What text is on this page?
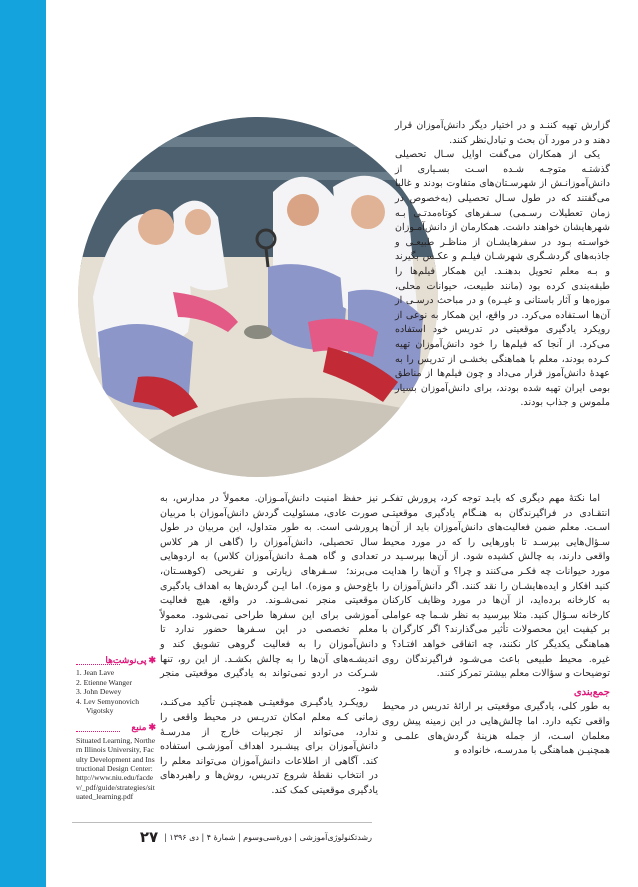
گزارش تهیه کننـد و در اختیار دیگر دانش‌آموزان قرار دهند و در مورد آن بحث و تبادل‌نظر کنند.

یکی از همکاران می‌گفت اوایل سـال تحصیلی گذشتـه متوجـه شـده اسـت بسـیاری از دانش‌آموزانـش از شهرسـتان‌های متفاوت بودند و غالبا می‌گفتند که در طول سـال تحصیلی (به‌خصوص در زمان تعطیلات رسـمی) سـفرهای کوتاه‌مدتـی بـه شهرهایشان خواهند داشت. همکارمان از دانش‌آمـوزان خواسـته بـود در سفرهایشـان از مناظـر طبیعـی و جاذبه‌های گردشـگری شهرشـان فیلـم و عکـس بگیرند و بـه معلم تحویل بدهنـد. این همکار فیلم‌ها را طبقه‌بندی کرده بود (مانند طبیعت، حیوانات محلی، موزه‌ها و آثار باستانی و غیـره) و در مباحث درسـی از آن‌ها اسـتفاده می‌کرد. در واقع، این همکار به نوعی از رویکرد یادگیری موقعیتی در تدریس خود استفاده می‌کرد. از آنجا که فیلم‌ها را خود دانش‌آموزان تهیه کـرده بودند، معلم با هماهنگی بخشـی از تدریس را به عهدۀ دانش‌آموز قرار می‌داد و چون فیلم‌ها از مناطق بومی ایران تهیه شده بودند، برای دانش‌آموزان بسیار ملموس و جذاب بودند.

اما نکتۀ مهم دیگری که بایـد توجه کرد، پرورش تفکـر انتقـادی در فراگیرندگان به هنـگام یادگیری موقعیتـی اسـت. معلم ضمن فعالیت‌های دانش‌آموزان باید از آن‌ها سـؤال‌هایی بپرسـد تا باورهایی را که در مورد محیط واقعی دارند، به چالش کشیده شود. از آن‌ها بپرسـید در مورد حیوانات چه فکـر می‌کنند و چرا؟ و آن‌ها را هدایت کنید افکار و ایده‌هایشـان را نقد کنند. اگر دانش‌آموزان را به کارخانه برده‌اید، از آن‌ها در مورد وظایف کارکنان کارخانه سـؤال کنید. مثلا بپرسید به نظر شـما چه عواملی بر کیفیت این محصولات تأثیر می‌گذارند؟ اگر کارگران با هماهنگی یکدیگر کار نکنند، چه اتفاقی خواهد افتـاد؟ و غیره. محیط طبیعی باعث می‌شـود فراگیرندگان روی توضیحات و سؤالات معلم بیشتر تمرکز کنند.

جمع‌بندی

به طور کلی، یادگیری موقعیتی بر ارائۀ تدریس در محیط واقعی تکیه دارد. اما چالش‌هایی در این زمینه پیش روی معلمان اسـت، از جمله هزینۀ گردش‌های علمـی و همچنیـن هماهنگی با مدرسـه، خانواده و

نیز حفظ امنیت دانش‌آمـوزان. معمولاً در مدارس، به صورت عادی، مسئولیت گردش دانش‌آموزان با مربیان پرورشی است. به طور متداول، این مربیان در طول سال تحصیلی، دانش‌آموزان را (گاهی از هر کلاس تعدادی و گاه همـۀ دانش‌آموزان کلاس) به اردوهایی می‌برند؛ سـفرهای زیارتی و تفریحی (کوهسـتان، باغ‌وحش و موزه). اما ایـن گردش‌ها به اهداف یادگیری موقعیتی منجر نمی‌شـوند. در واقع، هیچ فعالیت آموزشی برای این سفرها طراحی نمی‌شود. معمولاً معلم تخصصی در این سـفرها حضور ندارد تا دانش‌آموزان را به فعالیت گروهی تشویق کند و اندیشـه‌های آن‌ها را به چالش بکشـد. از این رو، تنها شـرکت در اردو نمی‌تواند به یادگیری موقعیتی منجر شود.

رویکـرد یادگیـری موقعیتـی همچنیـن تأکید می‌کنـد، زمانی کـه معلم امکان تدریـس در محیط واقعی را ندارد، می‌تواند از تجربیات خارج از مدرسـۀ دانش‌آموزان برای پیشـبرد اهداف آموزشـی استفاده کند. آگاهی از اطلاعات دانش‌آموزان می‌تواند معلم را در انتخاب نقطۀ شروع تدریس، روش‌ها و راهبردهای یادگیری موقعیتی کمک کند.

✱پی‌نوشت‌ها
1. Jean Lave
2. Etienne Wanger
3. John Dewey
4. Lev Semyonovich
Vigotsky
✱منبع

Situated Learning, Northern Illinois University, Faculty Development and Instructional Design Center: http://www.niu.edu/facdev/_pdf/guide/strategies/situated_learning.pdf

رشدتکنولوژی‌آموزشی | دورۀسی‌وسوم | شمارۀ ۴ | دی ۱۳۹۶ |
۲۷
